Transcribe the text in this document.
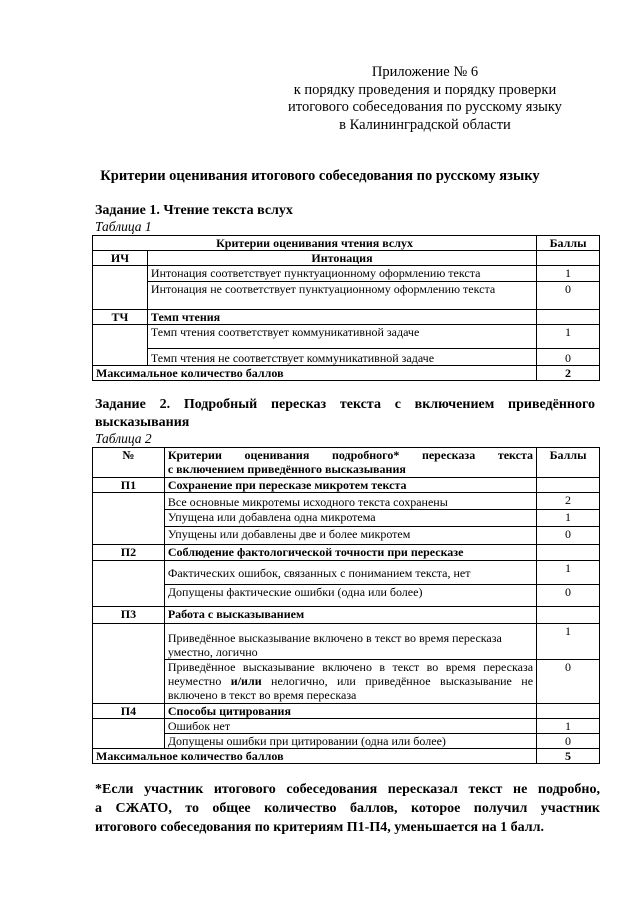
Приложение № 6
к порядку проведения и порядку проверки
итогового собеседования по русскому языку
в Калининградской области
Критерии оценивания итогового собеседования по русскому языку
Задание 1. Чтение текста вслух
Таблица 1
Критерии оценивания чтения вслух		Баллы
ИЧ	Интонация	
	Интонация соответствует пунктуационному оформлению текста	1
	Интонация не соответствует пунктуационному оформлению текста	0
ТЧ	Темп чтения	
	Темп чтения соответствует коммуникативной задаче	1
	Темп чтения не соответствует коммуникативной задаче	0
Максимальное количество баллов		2
Задание 2. Подробный пересказ текста с включением приведённого высказывания
Таблица 2
№	Критерии оценивания подробного* пересказа текста
с включением приведённого высказывания	Баллы
П1	Сохранение при пересказе микротем текста	
	Все основные микротемы исходного текста сохранены	2
	Упущена или добавлена одна микротема	1
	Упущены или добавлены две и более микротем	0
П2	Соблюдение фактологической точности при пересказе	
	Фактических ошибок, связанных с пониманием текста, нет	1
	Допущены фактические ошибки (одна или более)	0
П3	Работа с высказыванием	
	Приведённое высказывание включено в текст во время пересказа уместно, логично	1
	Приведённое высказывание включено в текст во время пересказа неуместно и/или нелогично, или приведённое высказывание не включено в текст во время пересказа	0
П4	Способы цитирования	
	Ошибок нет	1
	Допущены ошибки при цитировании (одна или более)	0
Максимальное количество баллов		5
*Если участник итогового собеседования пересказал текст не подробно,
а СЖАТО, то общее количество баллов, которое получил участник
итогового собеседования по критериям П1-П4, уменьшается на 1 балл.
